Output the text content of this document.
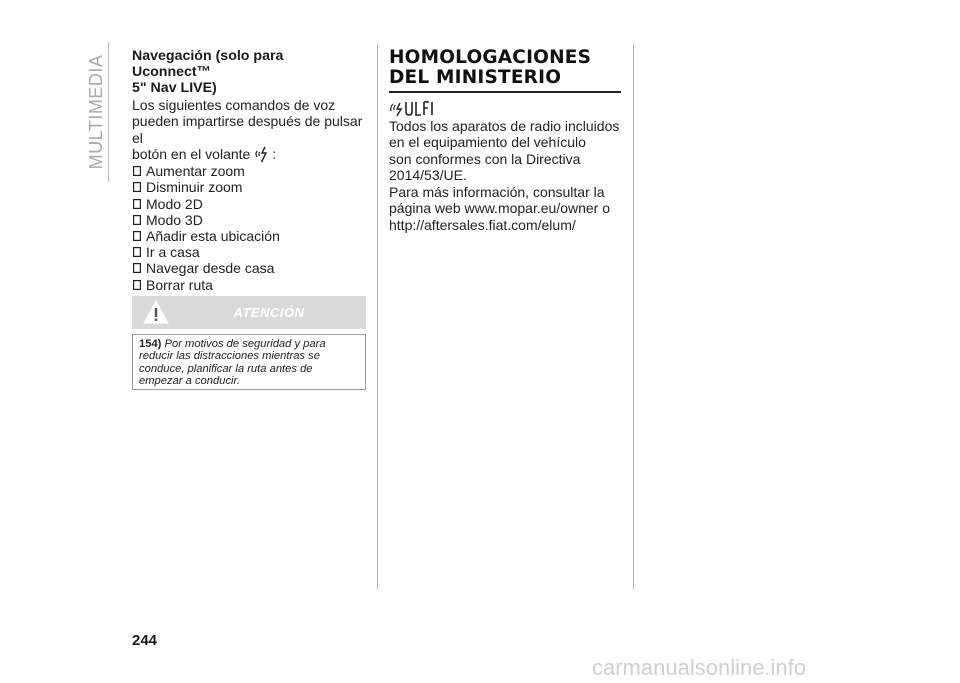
MULTIMEDIA Navegación (solo para Uconnect™
5" Nav LIVE)

Los siguientes comandos de voz
pueden impartirse después de pulsar el
botón en el volante :

Aumentar zoom
Disminuir zoom
Modo 2D
Modo 3D
Añadir esta ubicación
Ir a casa
Navegar desde casa
Borrar ruta
ATENCIÓN
154) Por motivos de seguridad y para reducir las distracciones mientras se conduce, planificar la ruta antes de empezar a conducir.

HOMOLOGACIONES
DEL MINISTERIO

Todos los aparatos de radio incluidos
en el equipamiento del vehículo
son conformes con la Directiva
2014/53/UE.

Para más información, consultar la
página web www.mopar.eu/owner o
http://aftersales.fiat.com/elum/

244
carmanualsonline.info
